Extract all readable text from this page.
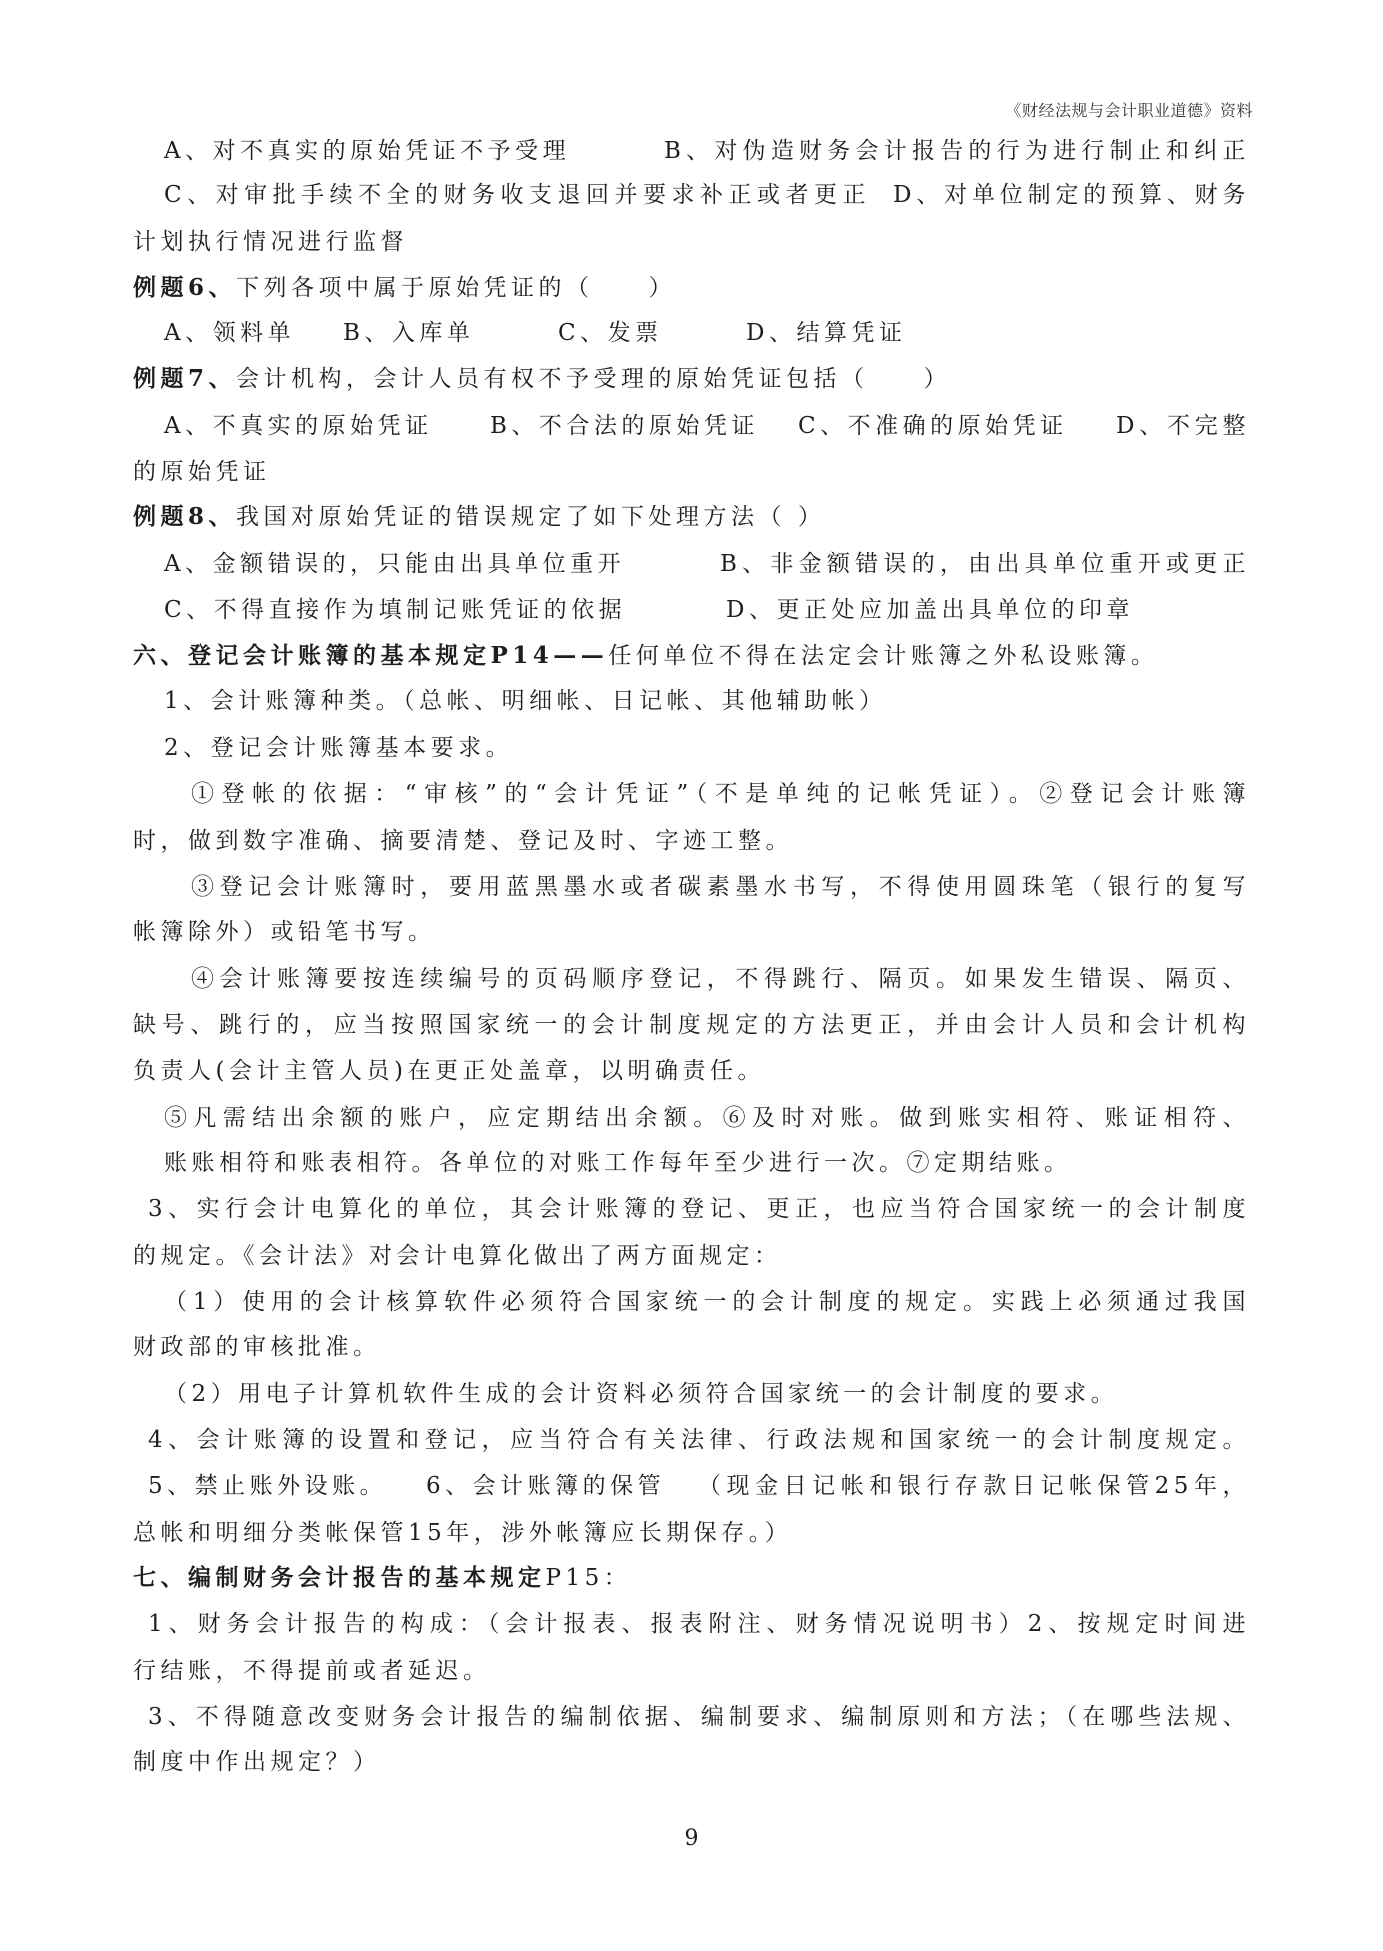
《财经法规与会计职业道德》资料
A、对不真实的原始凭证不予受理	B、对伪造财务会计报告的行为进行制止和纠正
C、对审批手续不全的财务收支退回并要求补正或者更正 D、对单位制定的预算、财务
计划执行情况进行监督
例题6、下列各项中属于原始凭证的（　　）
A、领料单 B、入库单	C、发票	D、结算凭证
例题7、会计机构，会计人员有权不予受理的原始凭证包括（　　）
A、不真实的原始凭证 B、不合法的原始凭证 C、不准确的原始凭证 D、不完整
的原始凭证
例题8、我国对原始凭证的错误规定了如下处理方法（ ）
A、金额错误的，只能由出具单位重开	B、非金额错误的，由出具单位重开或更正
C、不得直接作为填制记账凭证的依据	D、更正处应加盖出具单位的印章
六、登记会计账簿的基本规定P14——任何单位不得在法定会计账簿之外私设账簿。
1、会计账簿种类。（总帐、明细帐、日记帐、其他辅助帐）
2、登记会计账簿基本要求。
①登帐的依据：“审核”的“会计凭证”（不是单纯的记帐凭证）。②登记会计账簿
时，做到数字准确、摘要清楚、登记及时、字迹工整。
③登记会计账簿时，要用蓝黑墨水或者碳素墨水书写，不得使用圆珠笔（银行的复写
帐簿除外）或铅笔书写。
④会计账簿要按连续编号的页码顺序登记，不得跳行、隔页。如果发生错误、隔页、
缺号、跳行的，应当按照国家统一的会计制度规定的方法更正，并由会计人员和会计机构
负责人(会计主管人员)在更正处盖章，以明确责任。
⑤凡需结出余额的账户，应定期结出余额。⑥及时对账。做到账实相符、账证相符、
账账相符和账表相符。各单位的对账工作每年至少进行一次。⑦定期结账。
3、实行会计电算化的单位，其会计账簿的登记、更正，也应当符合国家统一的会计制度
的规定。《会计法》对会计电算化做出了两方面规定：
（1）使用的会计核算软件必须符合国家统一的会计制度的规定。实践上必须通过我国
财政部的审核批准。
（2）用电子计算机软件生成的会计资料必须符合国家统一的会计制度的要求。
4、会计账簿的设置和登记，应当符合有关法律、行政法规和国家统一的会计制度规定。
5、禁止账外设账。 6、会计账簿的保管 （现金日记帐和银行存款日记帐保管25年，
总帐和明细分类帐保管15年，涉外帐簿应长期保存。）
七、编制财务会计报告的基本规定P15：
1、财务会计报告的构成：（会计报表、报表附注、财务情况说明书）2、按规定时间进
行结账，不得提前或者延迟。
3、不得随意改变财务会计报告的编制依据、编制要求、编制原则和方法；（在哪些法规、
制度中作出规定？）
9
